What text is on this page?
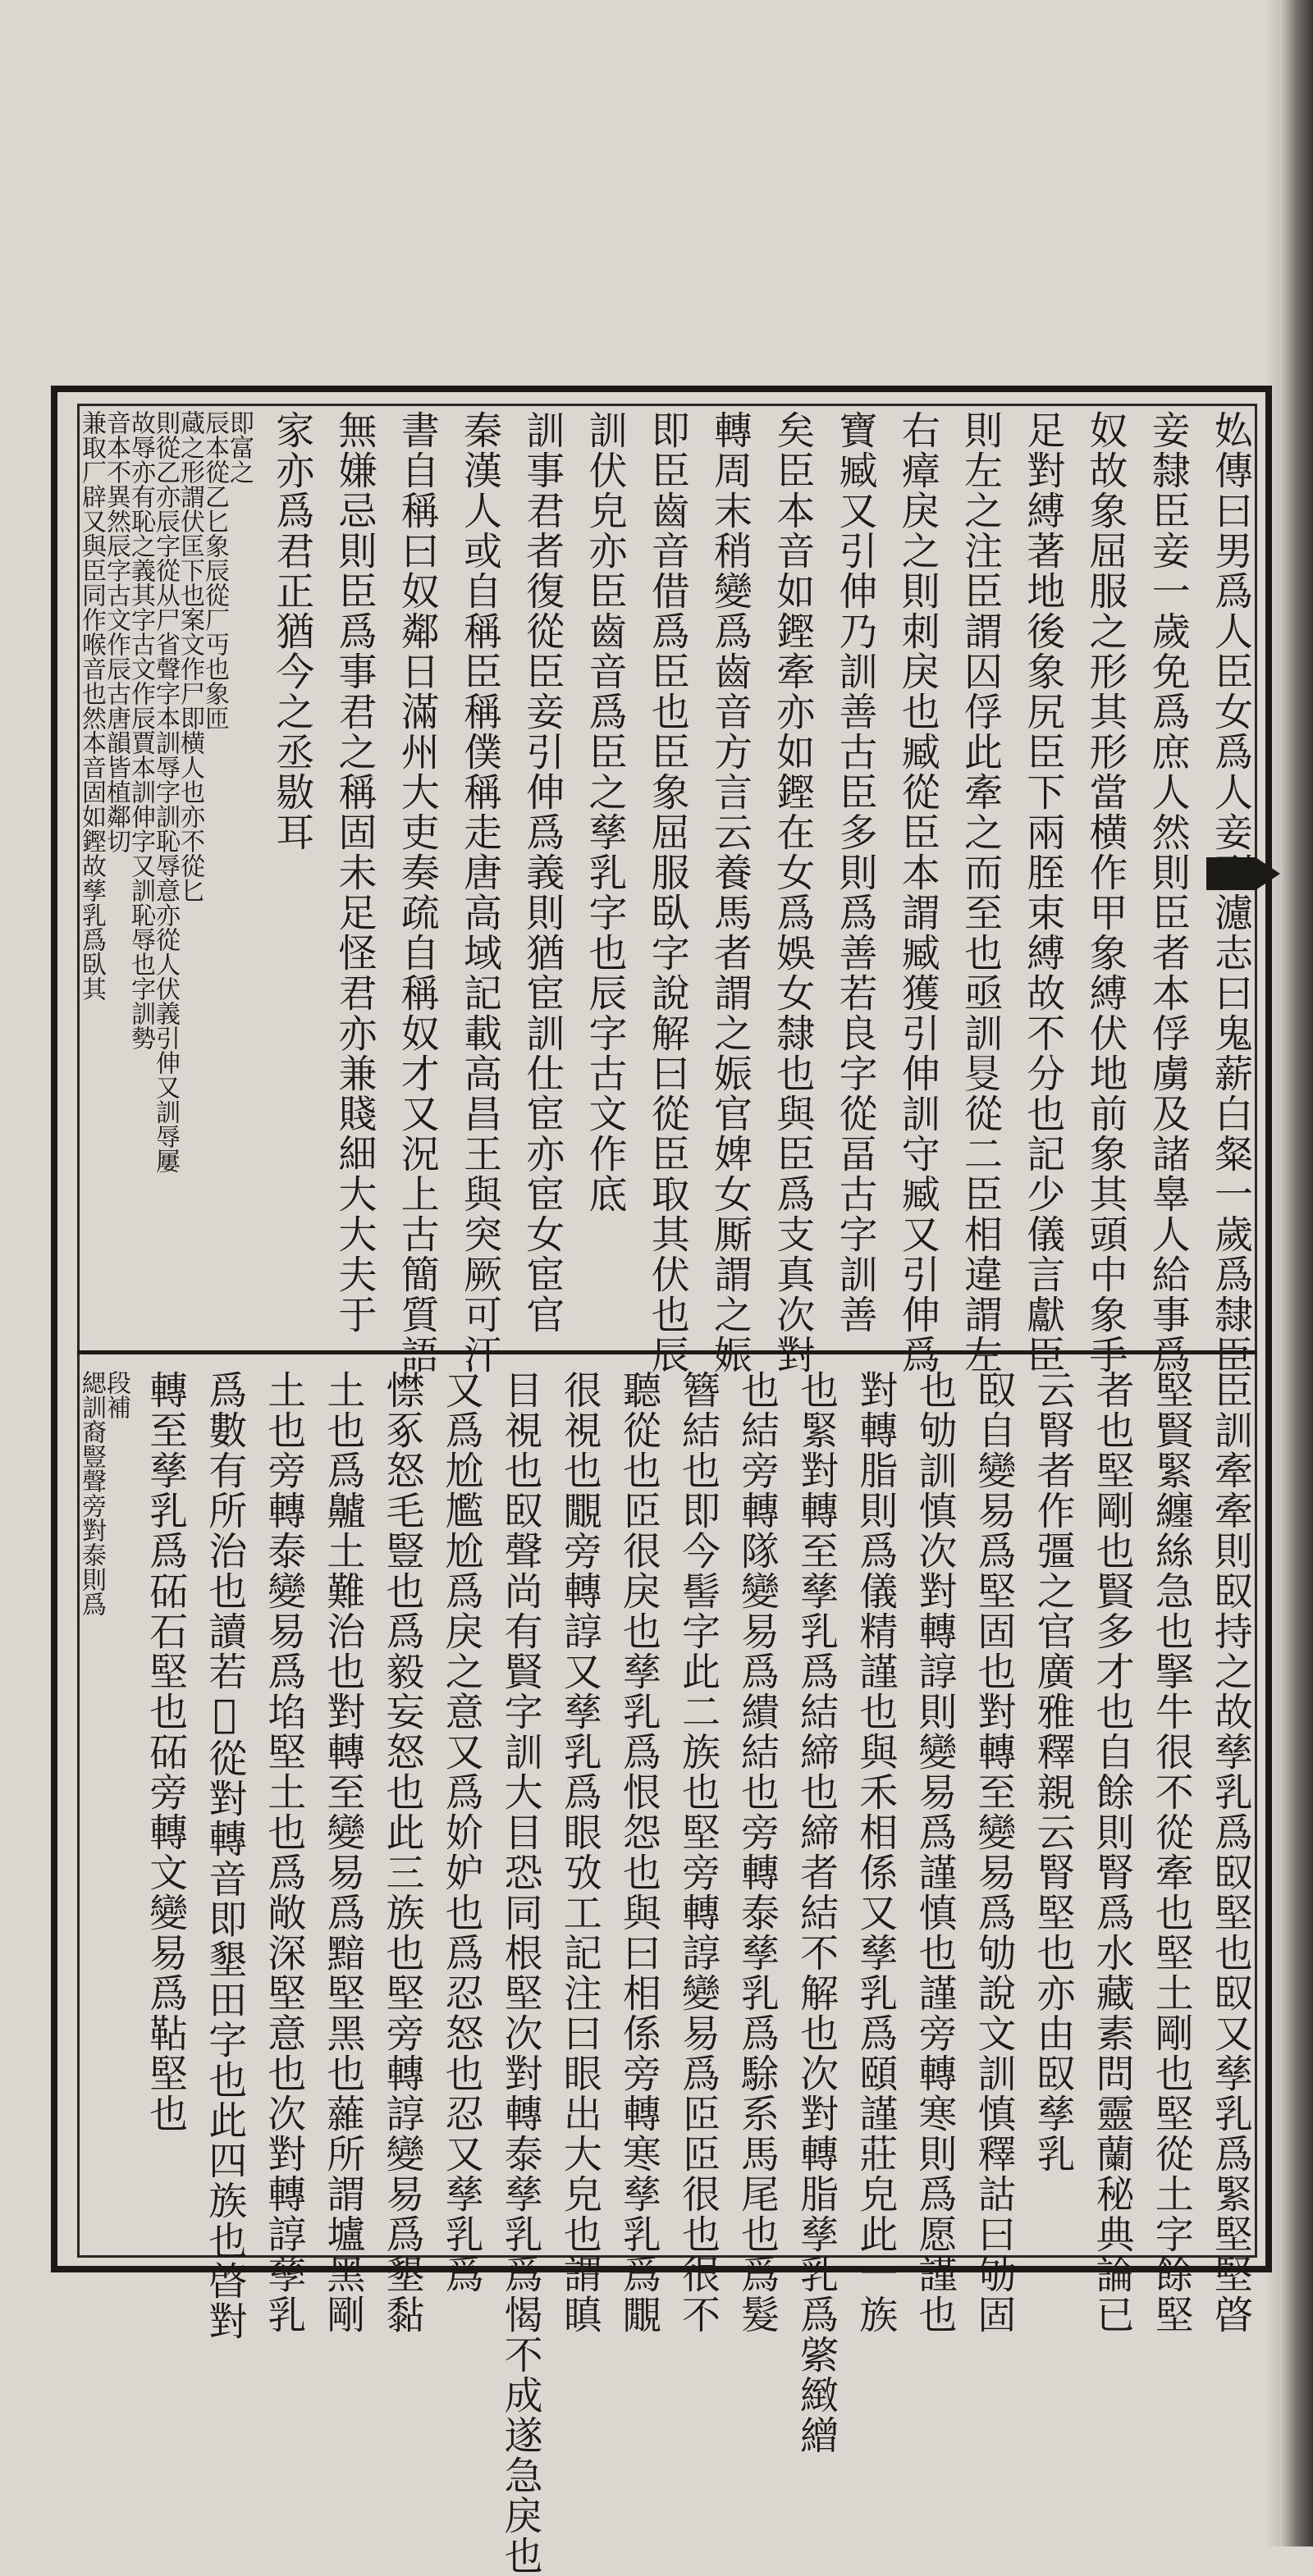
𡚸傳曰男爲人臣女爲人妾刑濾志曰鬼薪白粲一歲爲隸臣
妾隸臣妾一歲免爲庶人然則臣者本俘虜及諸辠人給事爲
奴故象屈服之形其形當横作甲象縛伏地前象其頭中象手
足對縛著地後象尻臣下兩胵束縛故不分也記少儀言獻臣
則左之注臣謂囚俘此牽之而至也亟訓𠭁從二臣相違謂左
右瘴戾之則刺戾也臧從臣本謂臧獲引伸訓守臧又引伸爲
寶臧又引伸乃訓善古臣多則爲善若良字從畐古字訓善
矣臣本音如鏗牽亦如鏗在女爲娛女隸也與臣爲支真次對
轉周末稍變爲齒音方言云養馬者謂之娠官婢女厮謂之娠
即臣齒音借爲臣也臣象屈服臥字說解曰從臣取其伏也辰
訓伏皃亦臣齒音爲臣之孳乳字也辰字古文作底
訓事君者復從臣妾引伸爲義則猶宦訓仕宦亦宦女宦官
秦漢人或自稱臣稱僕稱走唐高域記載高昌王與突厥可汗
書自稱曰奴鄰日滿州大吏奏疏自稱奴才又況上古簡質語
無嫌忌則臣爲事君之稱固未足怪君亦兼賤細大大夫于
家亦爲君正猶今之丞敭耳
即富之
辰本從乙匕象辰從厂丏也象匝
蔵之形謂伏匡下也案文作尸即横人也亦不從匕
則從乙亦辰字從从尸省聲字本訓辱字訓恥辱意亦從人伏義引伸又訓辱屢
故辱亦有恥之義其字古文作辰賈本訓伸字又訓恥辱也字訓勢
音本不異然辰字古文作辰古唐韻皆植鄰切
兼取厂辟又與臣同作喉音也然本音固如鏗故孳乳爲臥其
臣訓牽牽則臤持之故孳乳爲臤堅也臤又孳乳爲緊堅堅晵
堅賢緊纏絲急也掔牛很不從牽也堅土剛也堅從土字餘堅
者也堅剛也賢多才也自餘則腎爲水藏素問靈蘭秘典論已
云腎者作彊之官廣雅釋親云腎堅也亦由臤孳乳
臤自變易爲堅固也對轉至變易爲劬說文訓慎釋詁曰劬固
也劬訓慎次對轉諄則變易爲謹慎也謹旁轉寒則爲愿謹也
對轉脂則爲儀精謹也與禾相係又孳乳爲頤謹莊皃此一族
也緊對轉至孳乳爲結締也締者結不解也次對轉脂孳乳爲綮緻繒
也結旁轉隊變易爲繢結也旁轉泰孳乳爲駼系馬尾也爲髮
簪結也即今髻字此二族也堅旁轉諄變易爲𦣝𦣝很也很不
聽從也𦣝很戾也孳乳爲恨怨也與曰相係旁轉寒孳乳爲覵
很視也覵旁轉諄又孳乳爲眼攷工記注曰眼出大皃也謂瞋
目視也臤聲尚有賢字訓大目恐同根堅次對轉泰孳乳爲愒不成遂急戾也
又爲尬尷尬爲戾之意又爲妎妒也爲忍怒也忍又孳乳爲
㦗豖怒毛豎也爲毅妄怒也此三族也堅旁轉諄變易爲墾黏
土也爲齇土難治也對轉至變易爲黯堅黑也䕹所謂壚黑剛
土也旁轉泰變易爲埳堅土也爲敞深堅意也次對轉諄孳乳
爲數有所治也讀若𦐔從對轉音即墾田字也此四族也晵對
轉至孳乳爲砳石堅也砳旁轉文變易爲䩞堅也
段補
緦訓裔豎聲旁對泰則爲
